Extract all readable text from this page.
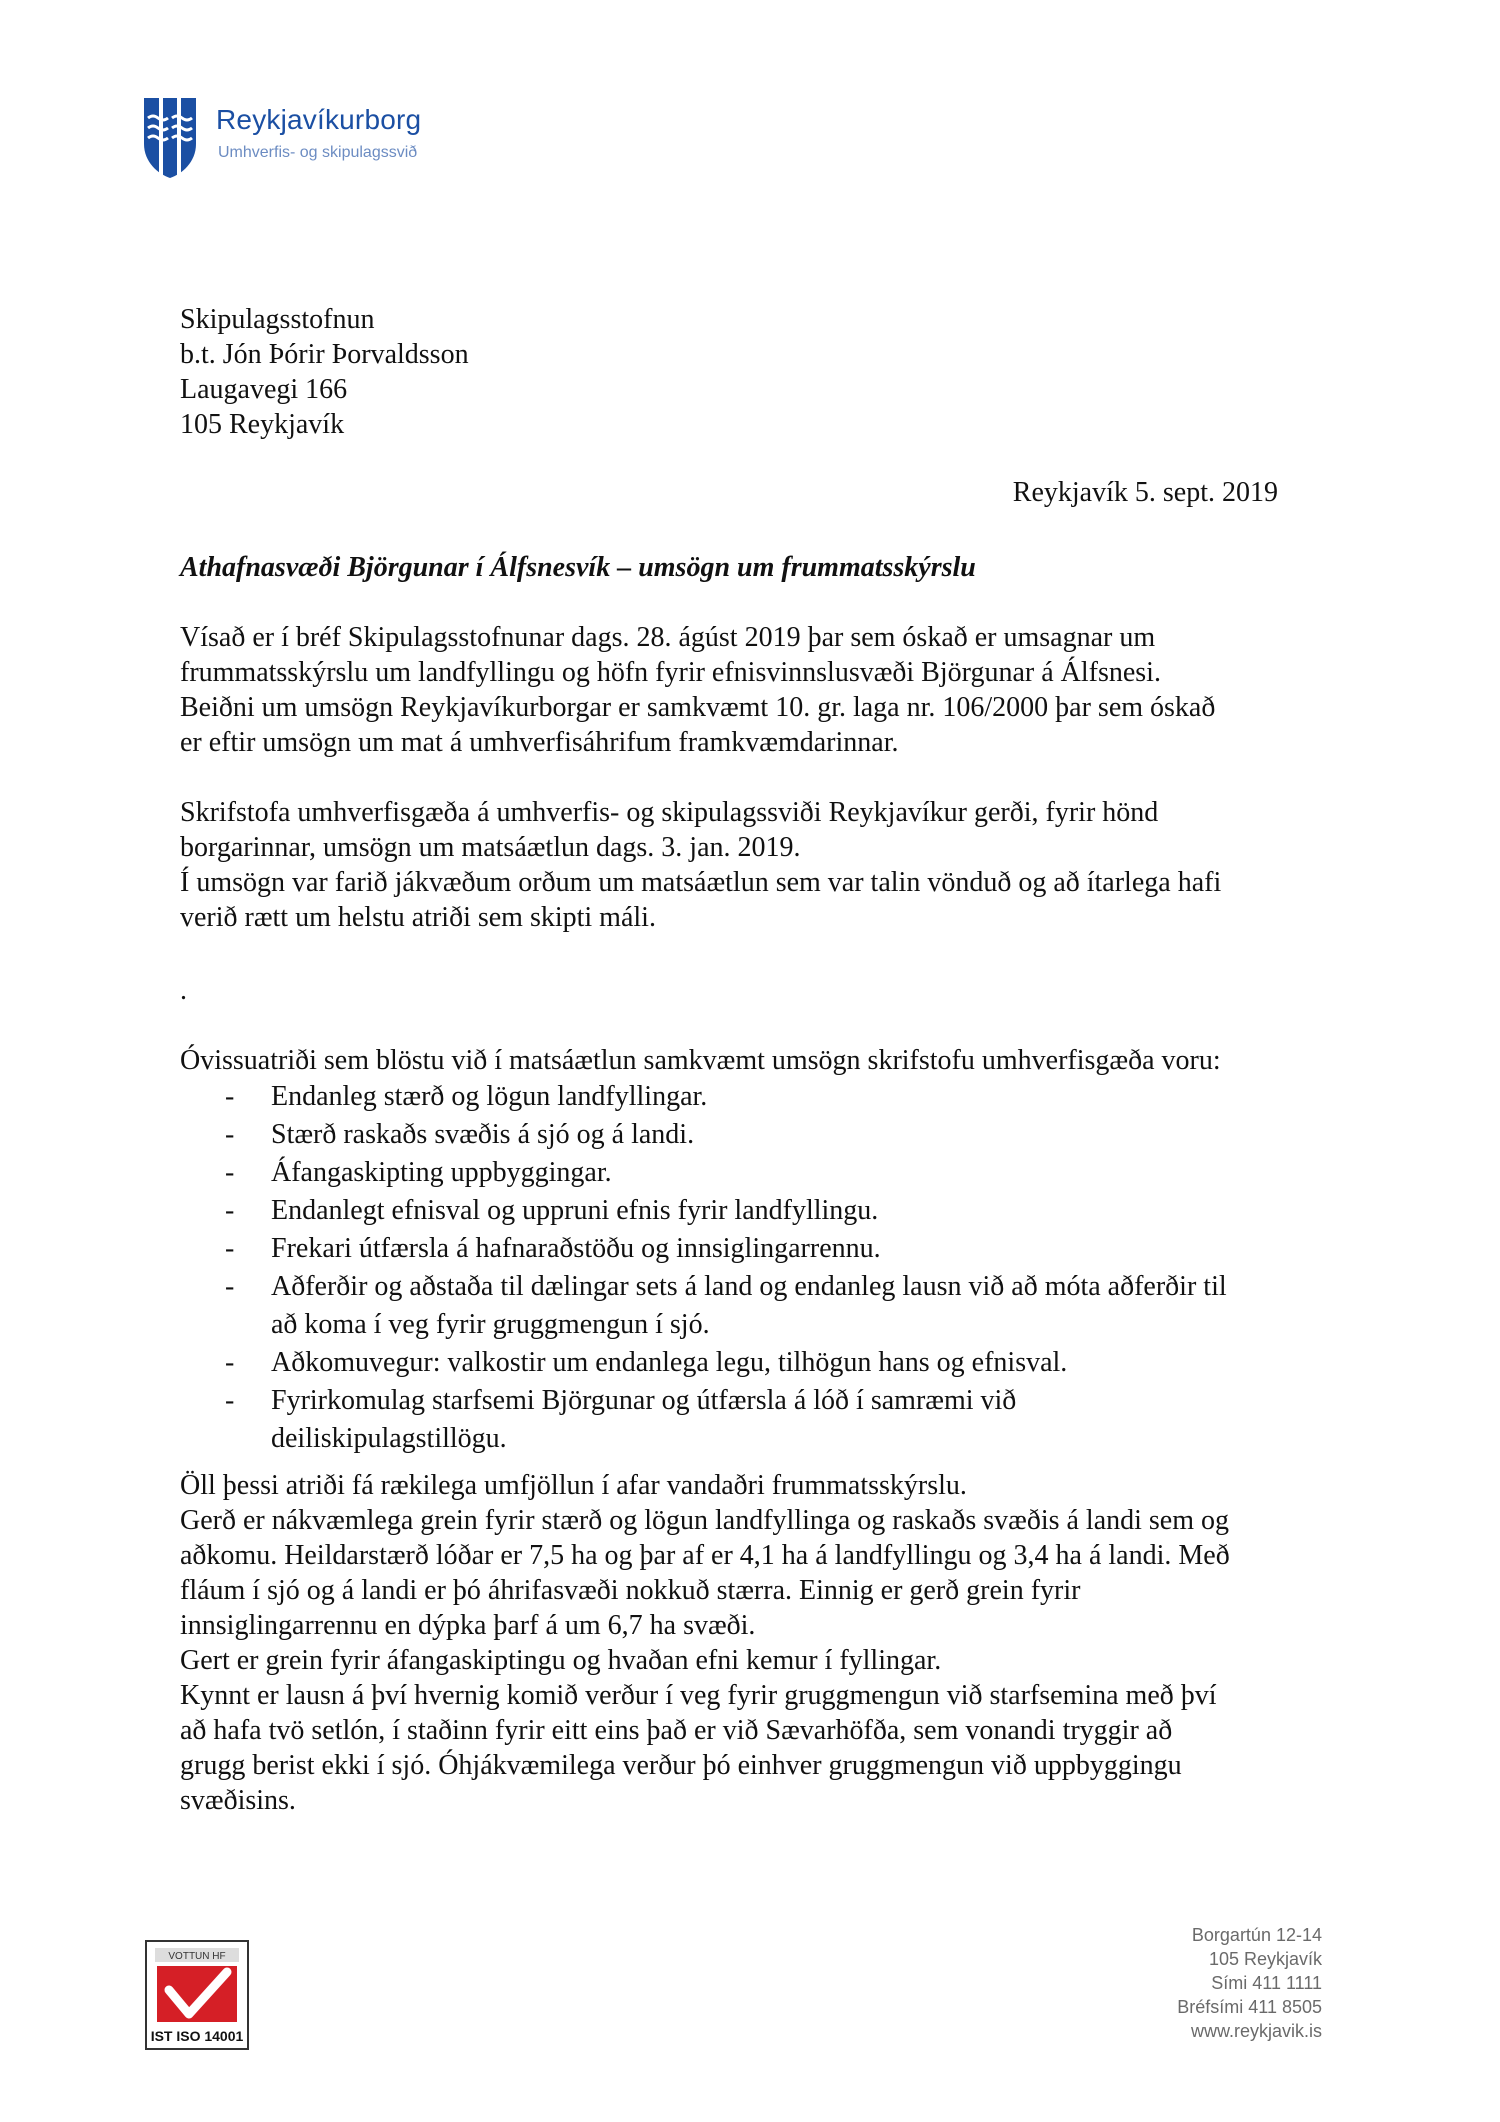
Reykjavíkurborg
Umhverfis- og skipulagssvið
Skipulagsstofnun
b.t. Jón Þórir Þorvaldsson
Laugavegi 166
105 Reykjavík
Reykjavík 5. sept. 2019
Athafnasvæði Björgunar í Álfsnesvík – umsögn um frummatsskýrslu
Vísað er í bréf Skipulagsstofnunar dags. 28. ágúst 2019 þar sem óskað er umsagnar um
frummatsskýrslu um landfyllingu og höfn fyrir efnisvinnslusvæði Björgunar á Álfsnesi.
Beiðni um umsögn Reykjavíkurborgar er samkvæmt 10. gr. laga nr. 106/2000 þar sem óskað
er eftir umsögn um mat á umhverfisáhrifum framkvæmdarinnar.
Skrifstofa umhverfisgæða á umhverfis- og skipulagssviði Reykjavíkur gerði, fyrir hönd
borgarinnar, umsögn um matsáætlun dags. 3. jan. 2019.
Í umsögn var farið jákvæðum orðum um matsáætlun sem var talin vönduð og að ítarlega hafi
verið rætt um helstu atriði sem skipti máli.
.
Óvissuatriði sem blöstu við í matsáætlun samkvæmt umsögn skrifstofu umhverfisgæða voru:
- Endanleg stærð og lögun landfyllingar.
- Stærð raskaðs svæðis á sjó og á landi.
- Áfangaskipting uppbyggingar.
- Endanlegt efnisval og uppruni efnis fyrir landfyllingu.
- Frekari útfærsla á hafnaraðstöðu og innsiglingarrennu.
- Aðferðir og aðstaða til dælingar sets á land og endanleg lausn við að móta aðferðir til
að koma í veg fyrir gruggmengun í sjó.
- Aðkomuvegur: valkostir um endanlega legu, tilhögun hans og efnisval.
- Fyrirkomulag starfsemi Björgunar og útfærsla á lóð í samræmi við
deiliskipulagstillögu.
Öll þessi atriði fá rækilega umfjöllun í afar vandaðri frummatsskýrslu.
Gerð er nákvæmlega grein fyrir stærð og lögun landfyllinga og raskaðs svæðis á landi sem og
aðkomu. Heildarstærð lóðar er 7,5 ha og þar af er 4,1 ha á landfyllingu og 3,4 ha á landi. Með
fláum í sjó og á landi er þó áhrifasvæði nokkuð stærra. Einnig er gerð grein fyrir
innsiglingarrennu en dýpka þarf á um 6,7 ha svæði.
Gert er grein fyrir áfangaskiptingu og hvaðan efni kemur í fyllingar.
Kynnt er lausn á því hvernig komið verður í veg fyrir gruggmengun við starfsemina með því
að hafa tvö setlón, í staðinn fyrir eitt eins það er við Sævarhöfða, sem vonandi tryggir að
grugg berist ekki í sjó. Óhjákvæmilega verður þó einhver gruggmengun við uppbyggingu
svæðisins.
VOTTUN HF
IST ISO 14001
Borgartún 12-14
105 Reykjavík
Sími 411 1111
Bréfsími 411 8505
www.reykjavik.is
